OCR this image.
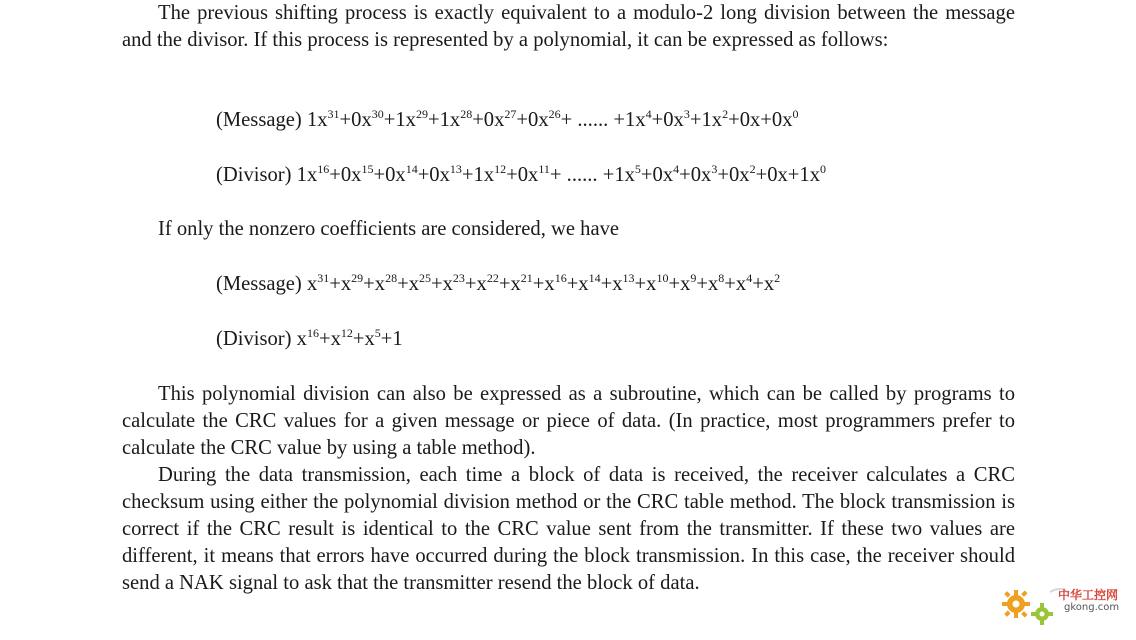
The previous shifting process is exactly equivalent to a modulo-2 long division between the message and the divisor. If this process is represented by a polynomial, it can be expressed as follows:

(Message) $1x^{31}+0x^{30}+1x^{29}+1x^{28}+0x^{27}+0x^{26}+$ ...... $+1x^4+0x^3+1x^2+0x+0x^0$
(Divisor) $1x^{16}+0x^{15}+0x^{14}+0x^{13}+1x^{12}+0x^{11}+$ ...... $+1x^5+0x^4+0x^3+0x^2+0x+1x^0$
If only the nonzero coefficients are considered, we have
(Message) $x^{31}+x^{29}+x^{28}+x^{25}+x^{23}+x^{22}+x^{21}+x^{16}+x^{14}+x^{13}+x^{10}+x^9+x^8+x^4+x^2$
(Divisor) $x^{16}+x^{12}+x^5+1$

This polynomial division can also be expressed as a subroutine, which can be called by programs to calculate the CRC values for a given message or piece of data. (In practice, most programmers prefer to calculate the CRC value by using a table method).

During the data transmission, each time a block of data is received, the receiver calculates a CRC checksum using either the polynomial division method or the CRC table method. The block transmission is correct if the CRC result is identical to the CRC value sent from the transmitter. If these two values are different, it means that errors have occurred during the block transmission. In this case, the receiver should send a NAK signal to ask that the transmitter resend the block of data.

中华工控网
gkong.com
